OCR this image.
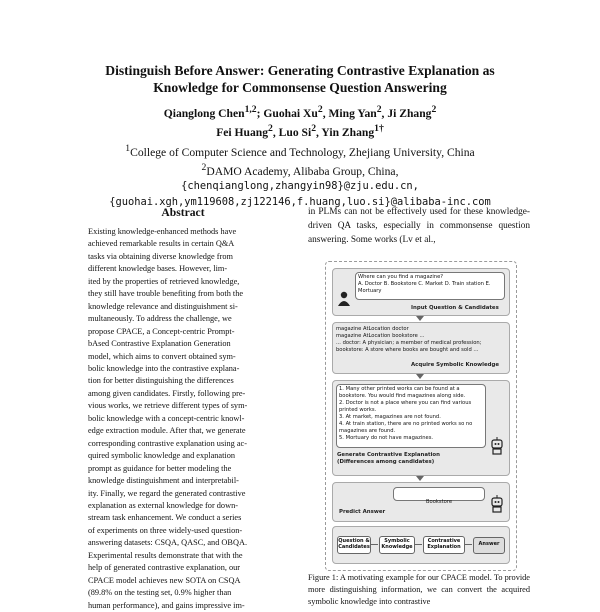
Distinguish Before Answer: Generating Contrastive Explanation as
Knowledge for Commonsense Question Answering
Qianglong Chen$^{1,2}$; Guohai Xu$^2$, Ming Yan$^2$, Ji Zhang$^2$
Fei Huang$^2$, Luo Si$^2$, Yin Zhang$^{1\dagger}$
$^1$College of Computer Science and Technology, Zhejiang University, China
$^2$DAMO Academy, Alibaba Group, China,
{chenqianglong,zhangyin98}@zju.edu.cn,
{guohai.xgh,ym119608,zj122146,f.huang,luo.si}@alibaba-inc.com
Abstract
Existing knowledge-enhanced methods have
achieved remarkable results in certain Q&A
tasks via obtaining diverse knowledge from
different knowledge bases. However, lim-
ited by the properties of retrieved knowledge,
they still have trouble benefiting from both the
knowledge relevance and distinguishment si-
multaneously. To address the challenge, we
propose CPACE, a Concept-centric Prompt-
bAsed Contrastive Explanation Generation
model, which aims to convert obtained sym-
bolic knowledge into the contrastive explana-
tion for better distinguishing the differences
among given candidates. Firstly, following pre-
vious works, we retrieve different types of sym-
bolic knowledge with a concept-centric knowl-
edge extraction module. After that, we generate
corresponding contrastive explanation using ac-
quired symbolic knowledge and explanation
prompt as guidance for better modeling the
knowledge distinguishment and interpretabil-
ity. Finally, we regard the generated contrastive
explanation as external knowledge for down-
stream task enhancement. We conduct a series
of experiments on three widely-used question-
answering datasets: CSQA, QASC, and OBQA.
Experimental results demonstrate that with the
help of generated contrastive explanation, our
CPACE model achieves new SOTA on CSQA
(89.8% on the testing set, 0.9% higher than
human performance), and gains impressive im-
in PLMs can not be effectively used for these knowledge-driven QA tasks, especially in commonsense question answering. Some works (Lv et al.,
Where can you find a magazine?
A. Doctor B. Bookstore C. Market D. Train station E. Mortuary
Input Question & Candidates
magazine AtLocation doctor
magazine AtLocation bookstore ...
... doctor: A physician; a member of medical profession;
bookstore: A store where books are bought and sold ...
Acquire Symbolic Knowledge
1. Many other printed works can be found at a bookstore. You would find magazines along side.
2. Doctor is not a place where you can find various printed works.
3. At market, magazines are not found.
4. At train station, there are no printed works so no magazines are found.
5. Mortuary do not have magazines.
Generate Contrastive Explanation (Differences among candidates)
Bookstore
Predict Answer
Question & Candidates
Symbolic Knowledge
Contrastive Explanation	Answer
Figure 1: A motivating example for our CPACE model. To provide more distinguishing information, we can convert the acquired symbolic knowledge into contrastive
